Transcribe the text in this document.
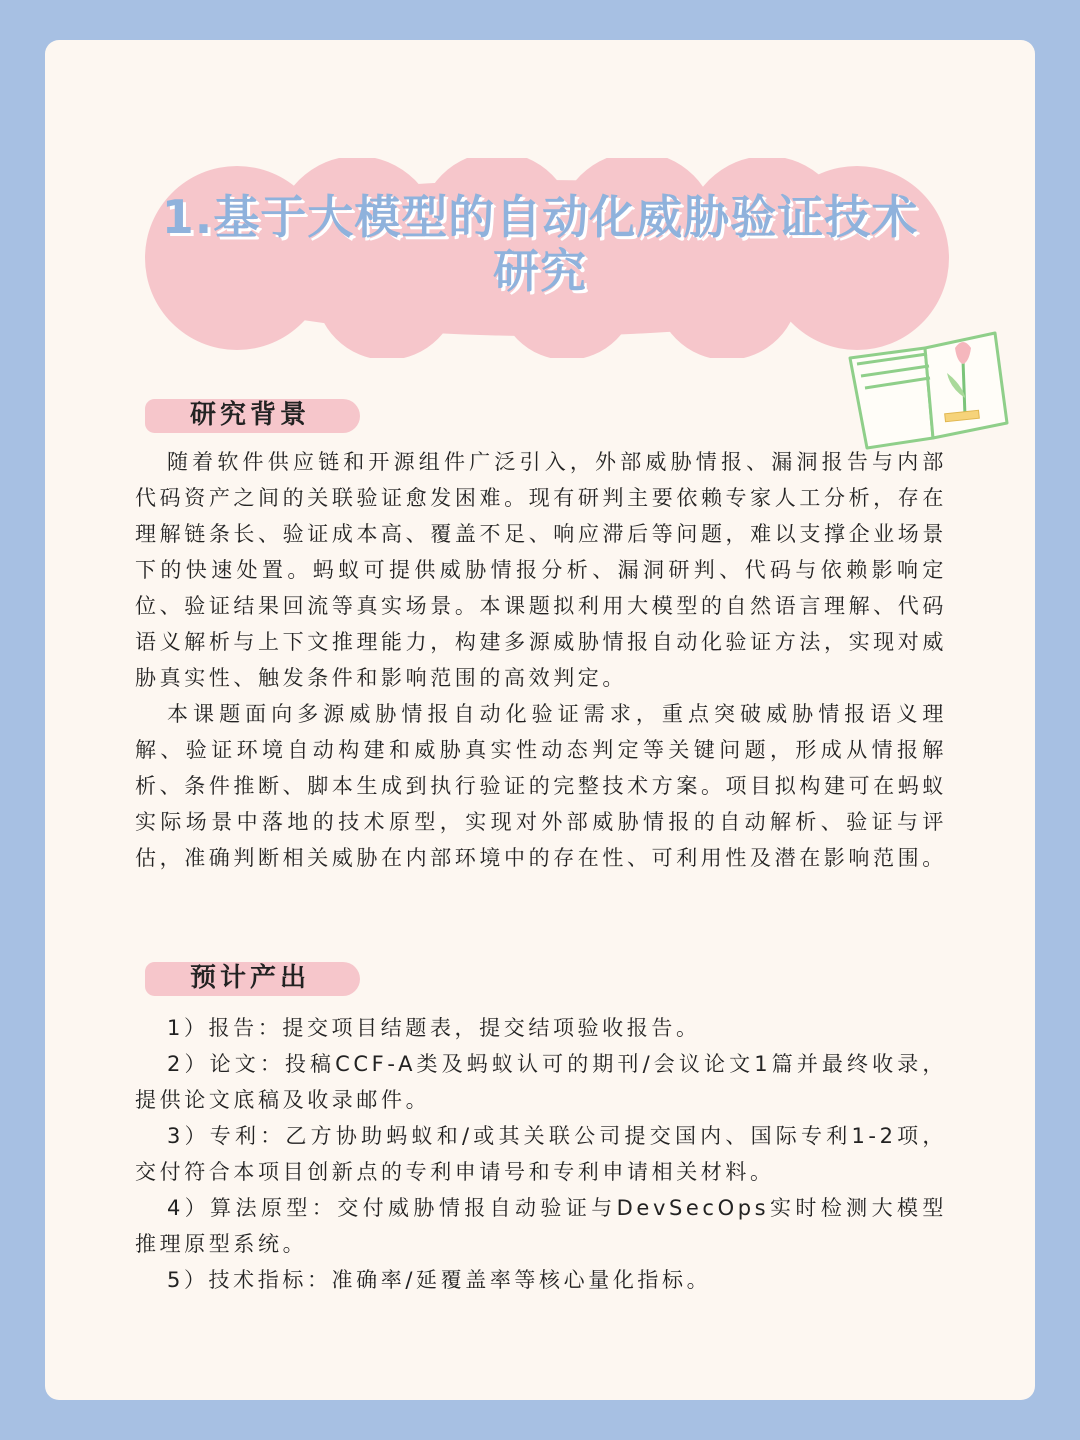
1.基于大模型的自动化威胁验证技术研究
研究背景

随着软件供应链和开源组件广泛引入，外部威胁情报、漏洞报告与内部代码资产之间的关联验证愈发困难。现有研判主要依赖专家人工分析，存在理解链条长、验证成本高、覆盖不足、响应滞后等问题，难以支撑企业场景下的快速处置。蚂蚁可提供威胁情报分析、漏洞研判、代码与依赖影响定位、验证结果回流等真实场景。本课题拟利用大模型的自然语言理解、代码语义解析与上下文推理能力，构建多源威胁情报自动化验证方法，实现对威胁真实性、触发条件和影响范围的高效判定。

本课题面向多源威胁情报自动化验证需求，重点突破威胁情报语义理解、验证环境自动构建和威胁真实性动态判定等关键问题，形成从情报解析、条件推断、脚本生成到执行验证的完整技术方案。项目拟构建可在蚂蚁实际场景中落地的技术原型，实现对外部威胁情报的自动解析、验证与评估，准确判断相关威胁在内部环境中的存在性、可利用性及潜在影响范围。

预计产出

1）报告：提交项目结题表，提交结项验收报告。

2）论文：投稿CCF-A类及蚂蚁认可的期刊/会议论文1篇并最终收录，提供论文底稿及收录邮件。

3）专利：乙方协助蚂蚁和/或其关联公司提交国内、国际专利1-2项，交付符合本项目创新点的专利申请号和专利申请相关材料。

4）算法原型：交付威胁情报自动验证与DevSecOps实时检测大模型推理原型系统。

5）技术指标：准确率/延覆盖率等核心量化指标。
